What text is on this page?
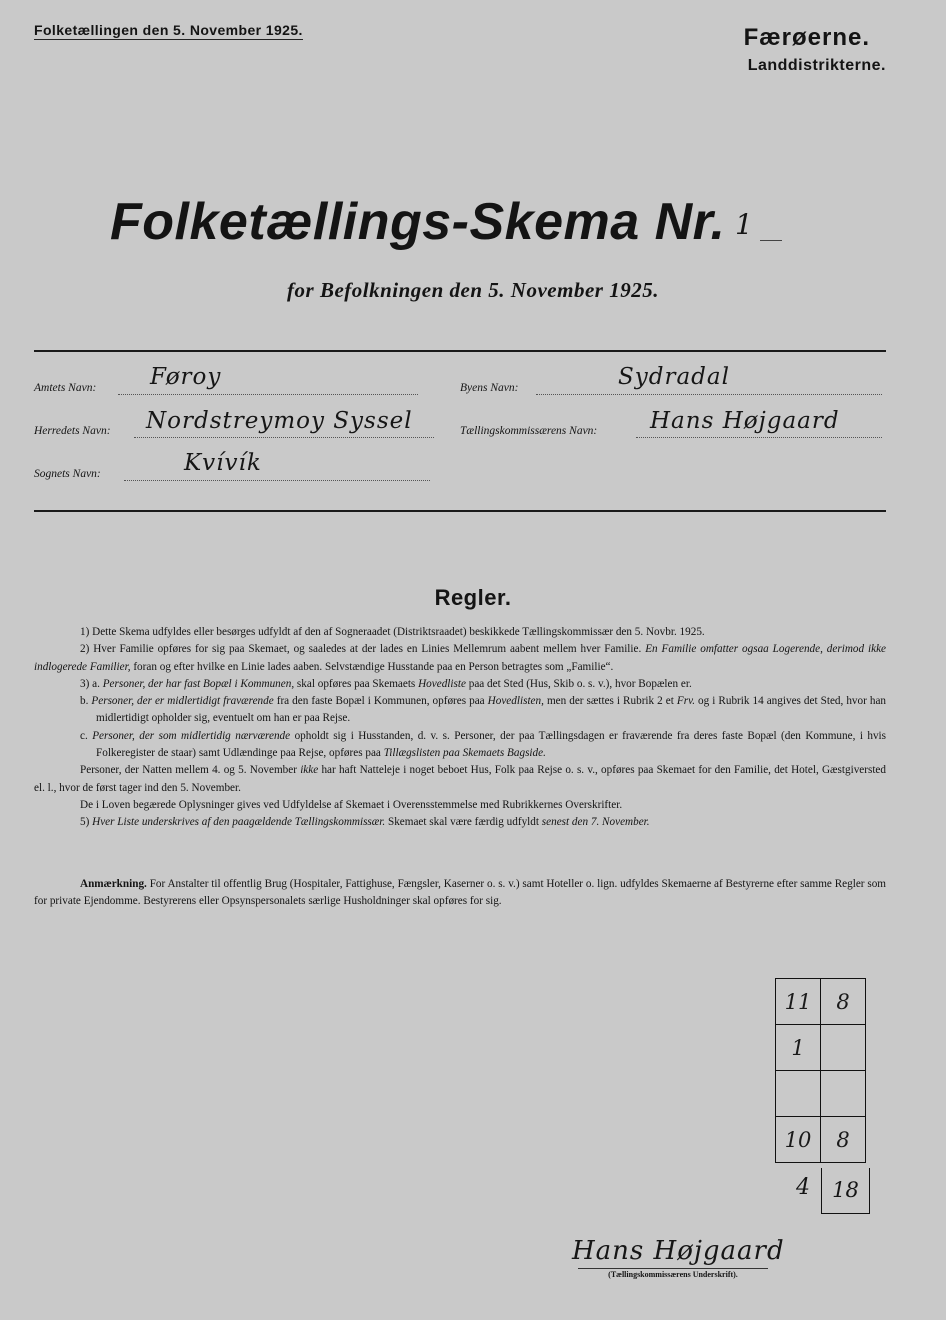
Folketællingen den 5. November 1925.	Færøerne.
Landdistrikterne.
Folketællings-Skema Nr. 1
for Befolkningen den 5. November 1925.
Amtets Navn: Føroy	Byens Navn:	Sydradal
Herredets Navn: Nordstreymoy Syssel	Tællingskommissærens Navn: Hans Højgaard
Sognets Navn:	Kvívík
Regler.

1) Dette Skema udfyldes eller besørges udfyldt af den af Sogneraadet (Distriktsraadet) beskikkede Tællingskommissær den 5. Novbr. 1925.

2) Hver Familie opføres for sig paa Skemaet, og saaledes at der lades en Linies Mellemrum aabent mellem hver Familie. En Familie omfatter ogsaa Logerende, derimod ikke indlogerede Familier, foran og efter hvilke en Linie lades aaben. Selvstændige Husstande paa en Person betragtes som „Familie“.

3) a. Personer, der har fast Bopæl i Kommunen, skal opføres paa Skemaets Hovedliste paa det Sted (Hus, Skib o. s. v.), hvor Bopælen er.

b. Personer, der er midlertidigt fraværende fra den faste Bopæl i Kommunen, opføres paa Hovedlisten, men der sættes i Rubrik 2 et Frv. og i Rubrik 14 angives det Sted, hvor han midlertidigt opholder sig, eventuelt om han er paa Rejse.

c. Personer, der som midlertidig nærværende opholdt sig i Husstanden, d. v. s. Personer, der paa Tællingsdagen er fraværende fra deres faste Bopæl (den Kommune, i hvis Folkeregister de staar) samt Udlændinge paa Rejse, opføres paa Tillægslisten paa Skemaets Bagside.

Personer, der Natten mellem 4. og 5. November ikke har haft Natteleje i noget beboet Hus, Folk paa Rejse o. s. v., opføres paa Skemaet for den Familie, det Hotel, Gæstgiversted el. l., hvor de først tager ind den 5. November.

De i Loven begærede Oplysninger gives ved Udfyldelse af Skemaet i Overensstemmelse med Rubrikkernes Overskrifter.

5) Hver Liste underskrives af den paagældende Tællingskommissær. Skemaet skal være færdig udfyldt senest den 7. November.

Anmærkning. For Anstalter til offentlig Brug (Hospitaler, Fattighuse, Fængsler, Kaserner o. s. v.) samt Hoteller o. lign. udfyldes Skemaerne af Bestyrerne efter samme Regler som for private Ejendomme. Bestyrerens eller Opsynspersonalets særlige Husholdninger skal opføres for sig.
11	8
1	

10	8
4	18
Hans Højgaard
(Tællingskommissærens Underskrift).
